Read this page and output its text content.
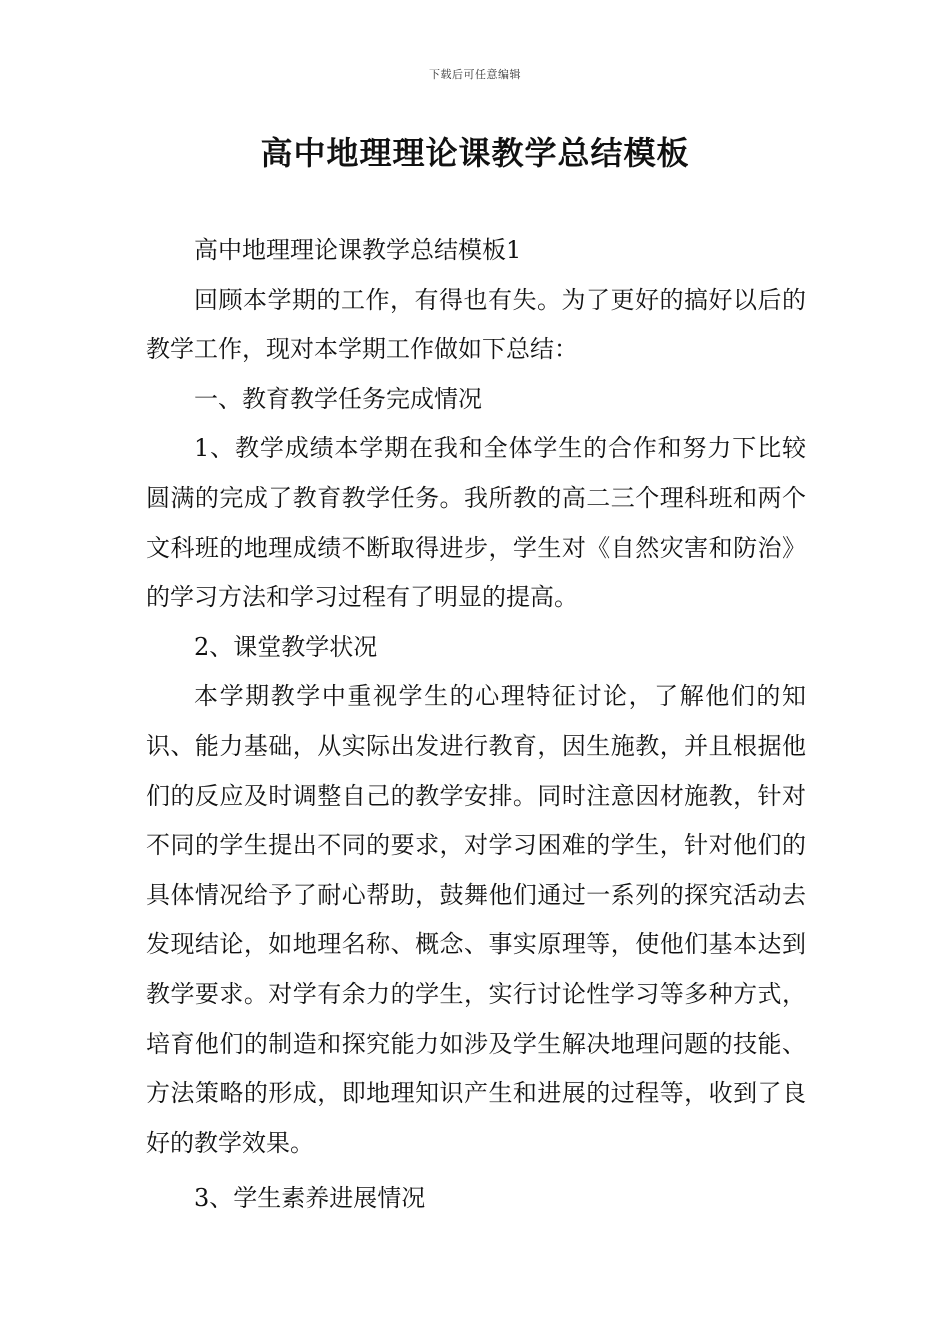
下载后可任意编辑
高中地理理论课教学总结模板

高中地理理论课教学总结模板1

回顾本学期的工作，有得也有失。为了更好的搞好以后的教学工作，现对本学期工作做如下总结：

一、教育教学任务完成情况

1、教学成绩本学期在我和全体学生的合作和努力下比较圆满的完成了教育教学任务。我所教的高二三个理科班和两个文科班的地理成绩不断取得进步，学生对《自然灾害和防治》的学习方法和学习过程有了明显的提高。

2、课堂教学状况

本学期教学中重视学生的心理特征讨论，了解他们的知识、能力基础，从实际出发进行教育，因生施教，并且根据他们的反应及时调整自己的教学安排。同时注意因材施教，针对不同的学生提出不同的要求，对学习困难的学生，针对他们的具体情况给予了耐心帮助，鼓舞他们通过一系列的探究活动去发现结论，如地理名称、概念、事实原理等，使他们基本达到教学要求。对学有余力的学生，实行讨论性学习等多种方式，培育他们的制造和探究能力如涉及学生解决地理问题的技能、方法策略的形成，即地理知识产生和进展的过程等，收到了良好的教学效果。

3、学生素养进展情况
